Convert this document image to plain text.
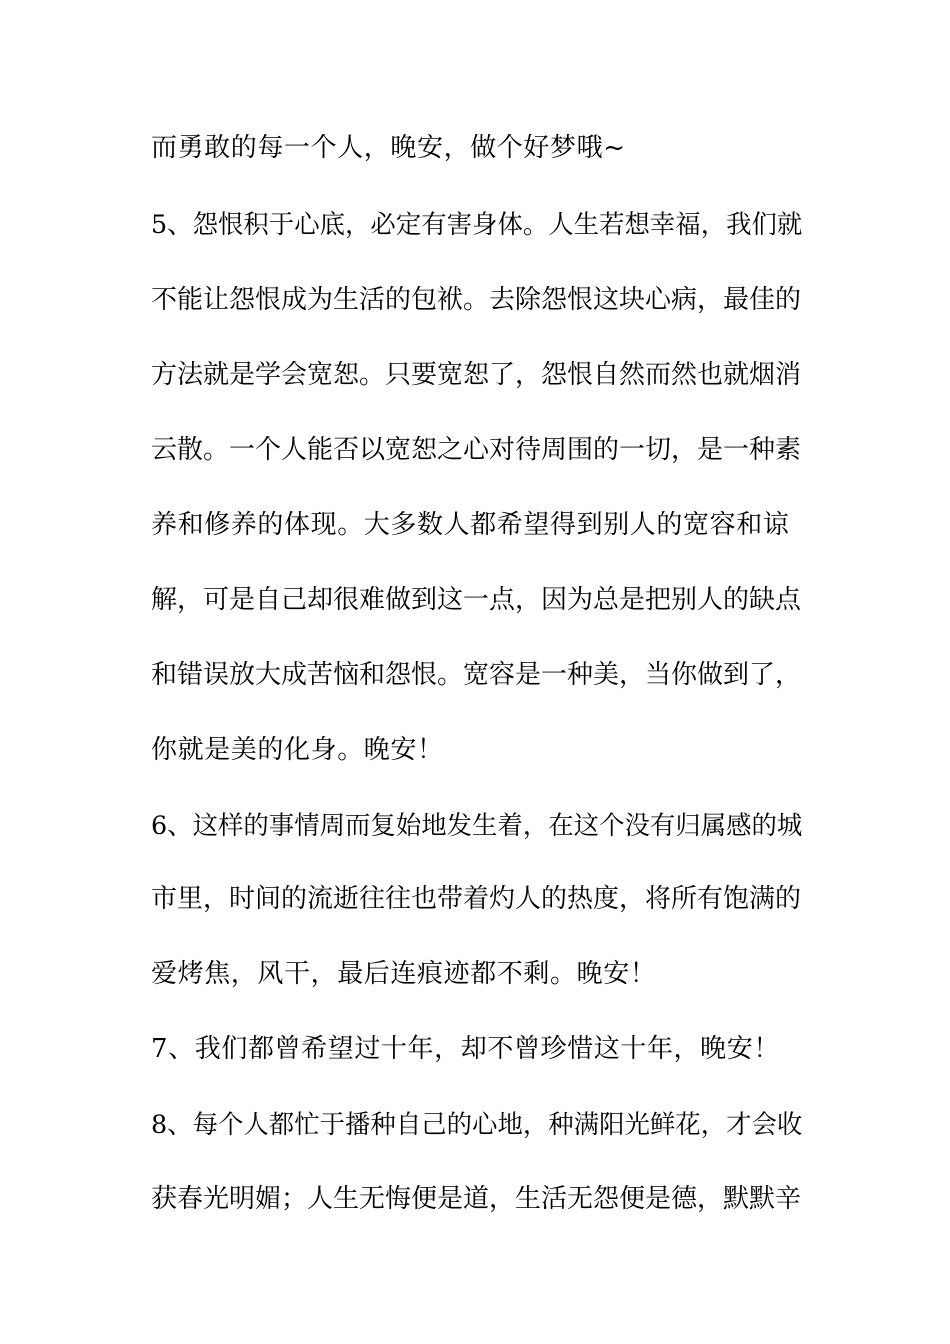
而勇敢的每一个人，晚安，做个好梦哦~
5、怨恨积于心底，必定有害身体。人生若想幸福，我们就
不能让怨恨成为生活的包袱。去除怨恨这块心病，最佳的
方法就是学会宽恕。只要宽恕了，怨恨自然而然也就烟消
云散。一个人能否以宽恕之心对待周围的一切，是一种素
养和修养的体现。大多数人都希望得到别人的宽容和谅
解，可是自己却很难做到这一点，因为总是把别人的缺点
和错误放大成苦恼和怨恨。宽容是一种美，当你做到了，
你就是美的化身。晚安！
6、这样的事情周而复始地发生着，在这个没有归属感的城
市里，时间的流逝往往也带着灼人的热度，将所有饱满的
爱烤焦，风干，最后连痕迹都不剩。晚安！
7、我们都曾希望过十年，却不曾珍惜这十年，晚安！
8、每个人都忙于播种自己的心地，种满阳光鲜花，才会收
获春光明媚；人生无悔便是道，生活无怨便是德，默默辛
